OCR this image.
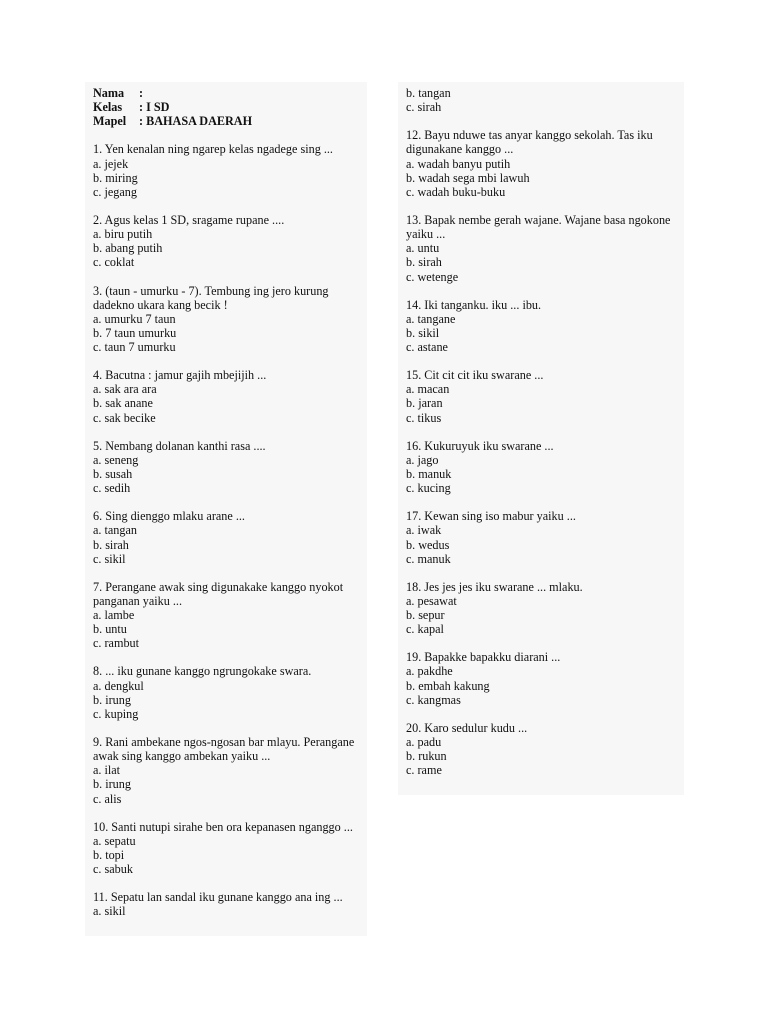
Nama :
Kelas : I SD
Mapel : BAHASA DAERAH
1. Yen kenalan ning ngarep kelas ngadege sing ...
a. jejek
b. miring
c. jegang
2. Agus kelas 1 SD, sragame rupane ....
a. biru putih
b. abang putih
c. coklat
3. (taun - umurku - 7). Tembung ing jero kurung dadekno ukara kang becik !
a. umurku 7 taun
b. 7 taun umurku
c. taun 7 umurku
4. Bacutna : jamur gajih mbejijih ...
a. sak ara ara
b. sak anane
c. sak becike
5. Nembang dolanan kanthi rasa ....
a. seneng
b. susah
c. sedih
6. Sing dienggo mlaku arane ...
a. tangan
b. sirah
c. sikil
7. Perangane awak sing digunakake kanggo nyokot panganan yaiku ...
a. lambe
b. untu
c. rambut
8. ... iku gunane kanggo ngrungokake swara.
a. dengkul
b. irung
c. kuping
9. Rani ambekane ngos-ngosan bar mlayu. Perangane awak sing kanggo ambekan yaiku ...
a. ilat
b. irung
c. alis
10. Santi nutupi sirahe ben ora kepanasen nganggo ...
a. sepatu
b. topi
c. sabuk
11. Sepatu lan sandal iku gunane kanggo ana ing ...
a. sikil
b. tangan
c. sirah
12. Bayu nduwe tas anyar kanggo sekolah. Tas iku digunakane kanggo ...
a. wadah banyu putih
b. wadah sega mbi lawuh
c. wadah buku-buku
13. Bapak nembe gerah wajane. Wajane basa ngokone yaiku ...
a. untu
b. sirah
c. wetenge
14. Iki tanganku. iku ... ibu.
a. tangane
b. sikil
c. astane
15. Cit cit cit iku swarane ...
a. macan
b. jaran
c. tikus
16. Kukuruyuk iku swarane ...
a. jago
b. manuk
c. kucing
17. Kewan sing iso mabur yaiku ...
a. iwak
b. wedus
c. manuk
18. Jes jes jes iku swarane ... mlaku.
a. pesawat
b. sepur
c. kapal
19. Bapakke bapakku diarani ...
a. pakdhe
b. embah kakung
c. kangmas
20. Karo sedulur kudu ...
a. padu
b. rukun
c. rame
